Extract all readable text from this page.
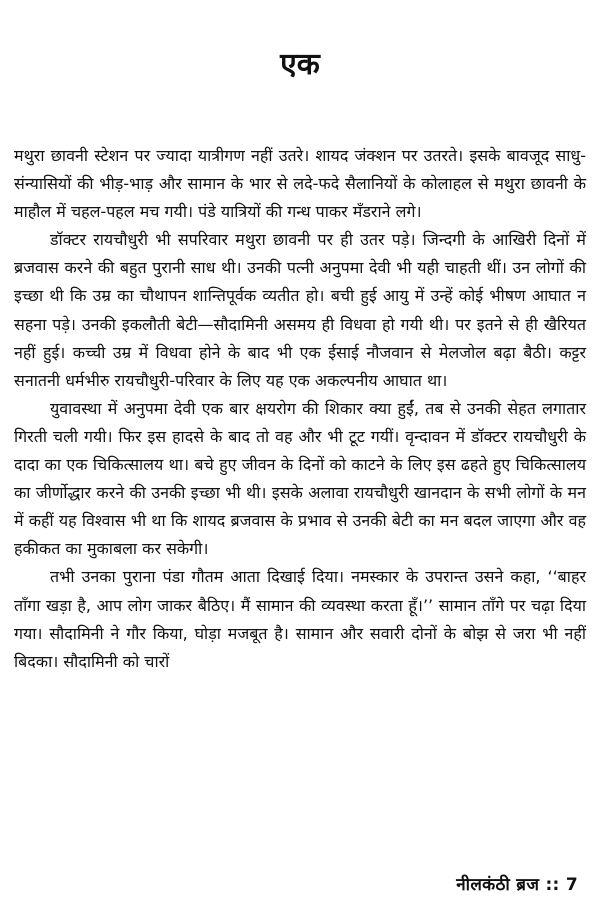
एक

मथुरा छावनी स्टेशन पर ज्यादा यात्रीगण नहीं उतरे। शायद जंक्शन पर उतरते। इसके बावजूद साधु-संन्यासियों की भीड़-भाड़ और सामान के भार से लदे-फदे सैलानियों के कोलाहल से मथुरा छावनी के माहौल में चहल-पहल मच गयी। पंडे यात्रियों की गन्ध पाकर मँडराने लगे।

डॉक्टर रायचौधुरी भी सपरिवार मथुरा छावनी पर ही उतर पड़े। जिन्दगी के आखिरी दिनों में ब्रजवास करने की बहुत पुरानी साध थी। उनकी पत्नी अनुपमा देवी भी यही चाहती थीं। उन लोगों की इच्छा थी कि उम्र का चौथापन शान्तिपूर्वक व्यतीत हो। बची हुई आयु में उन्हें कोई भीषण आघात न सहना पड़े। उनकी इकलौती बेटी—सौदामिनी असमय ही विधवा हो गयी थी। पर इतने से ही खैरियत नहीं हुई। कच्ची उम्र में विधवा होने के बाद भी एक ईसाई नौजवान से मेलजोल बढ़ा बैठी। कट्टर सनातनी धर्मभीरु रायचौधुरी-परिवार के लिए यह एक अकल्पनीय आघात था।

युवावस्था में अनुपमा देवी एक बार क्षयरोग की शिकार क्या हुईं, तब से उनकी सेहत लगातार गिरती चली गयी। फिर इस हादसे के बाद तो वह और भी टूट गयीं। वृन्दावन में डॉक्टर रायचौधुरी के दादा का एक चिकित्सालय था। बचे हुए जीवन के दिनों को काटने के लिए इस ढहते हुए चिकित्सालय का जीर्णोद्धार करने की उनकी इच्छा भी थी। इसके अलावा रायचौधुरी खानदान के सभी लोगों के मन में कहीं यह विश्वास भी था कि शायद ब्रजवास के प्रभाव से उनकी बेटी का मन बदल जाएगा और वह हकीकत का मुकाबला कर सकेगी।

तभी उनका पुराना पंडा गौतम आता दिखाई दिया। नमस्कार के उपरान्त उसने कहा, ‘‘बाहर ताँगा खड़ा है, आप लोग जाकर बैठिए। मैं सामान की व्यवस्था करता हूँ।’’ सामान ताँगे पर चढ़ा दिया गया। सौदामिनी ने गौर किया, घोड़ा मजबूत है। सामान और सवारी दोनों के बोझ से जरा भी नहीं बिदका। सौदामिनी को चारों

नीलकंठी ब्रज :: 7
